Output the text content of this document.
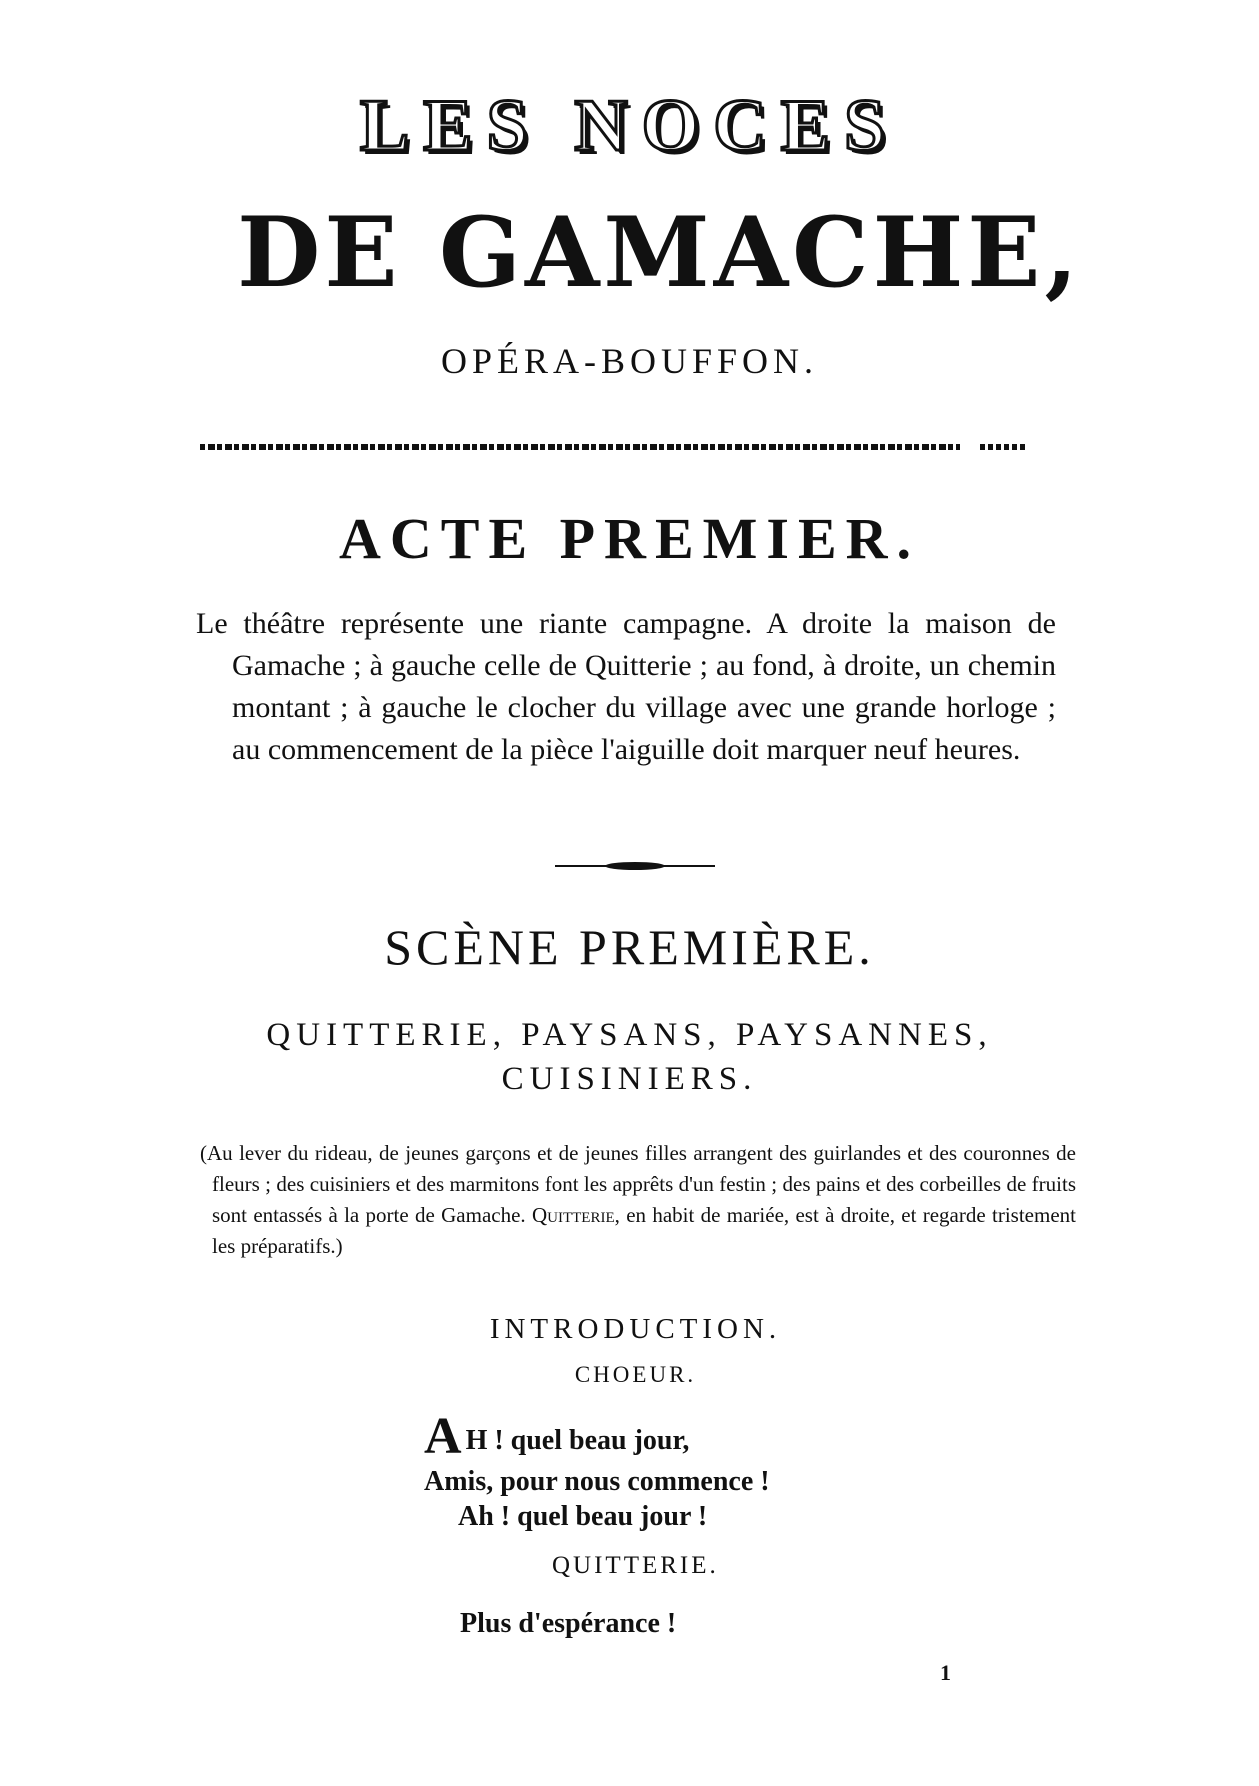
LES NOCES
DE GAMACHE,
OPÉRA-BOUFFON.
ACTE PREMIER.

Le théâtre représente une riante campagne. A droite la maison de Gamache ; à gauche celle de Quitterie ; au fond, à droite, un chemin montant ; à gauche le clocher du village avec une grande horloge ; au commencement de la pièce l'aiguille doit marquer neuf heures.

SCÈNE PREMIÈRE.
QUITTERIE, PAYSANS, PAYSANNES,
CUISINIERS.

(Au lever du rideau, de jeunes garçons et de jeunes filles arrangent des guirlandes et des couronnes de fleurs ; des cuisiniers et des marmitons font les apprêts d'un festin ; des pains et des corbeilles de fruits sont entassés à la porte de Gamache. Quitterie, en habit de mariée, est à droite, et regarde tristement les préparatifs.)

INTRODUCTION.
CHOEUR.
A H ! quel beau jour,
Amis, pour nous commence !
Ah ! quel beau jour !
QUITTERIE.
Plus d'espérance !
1
